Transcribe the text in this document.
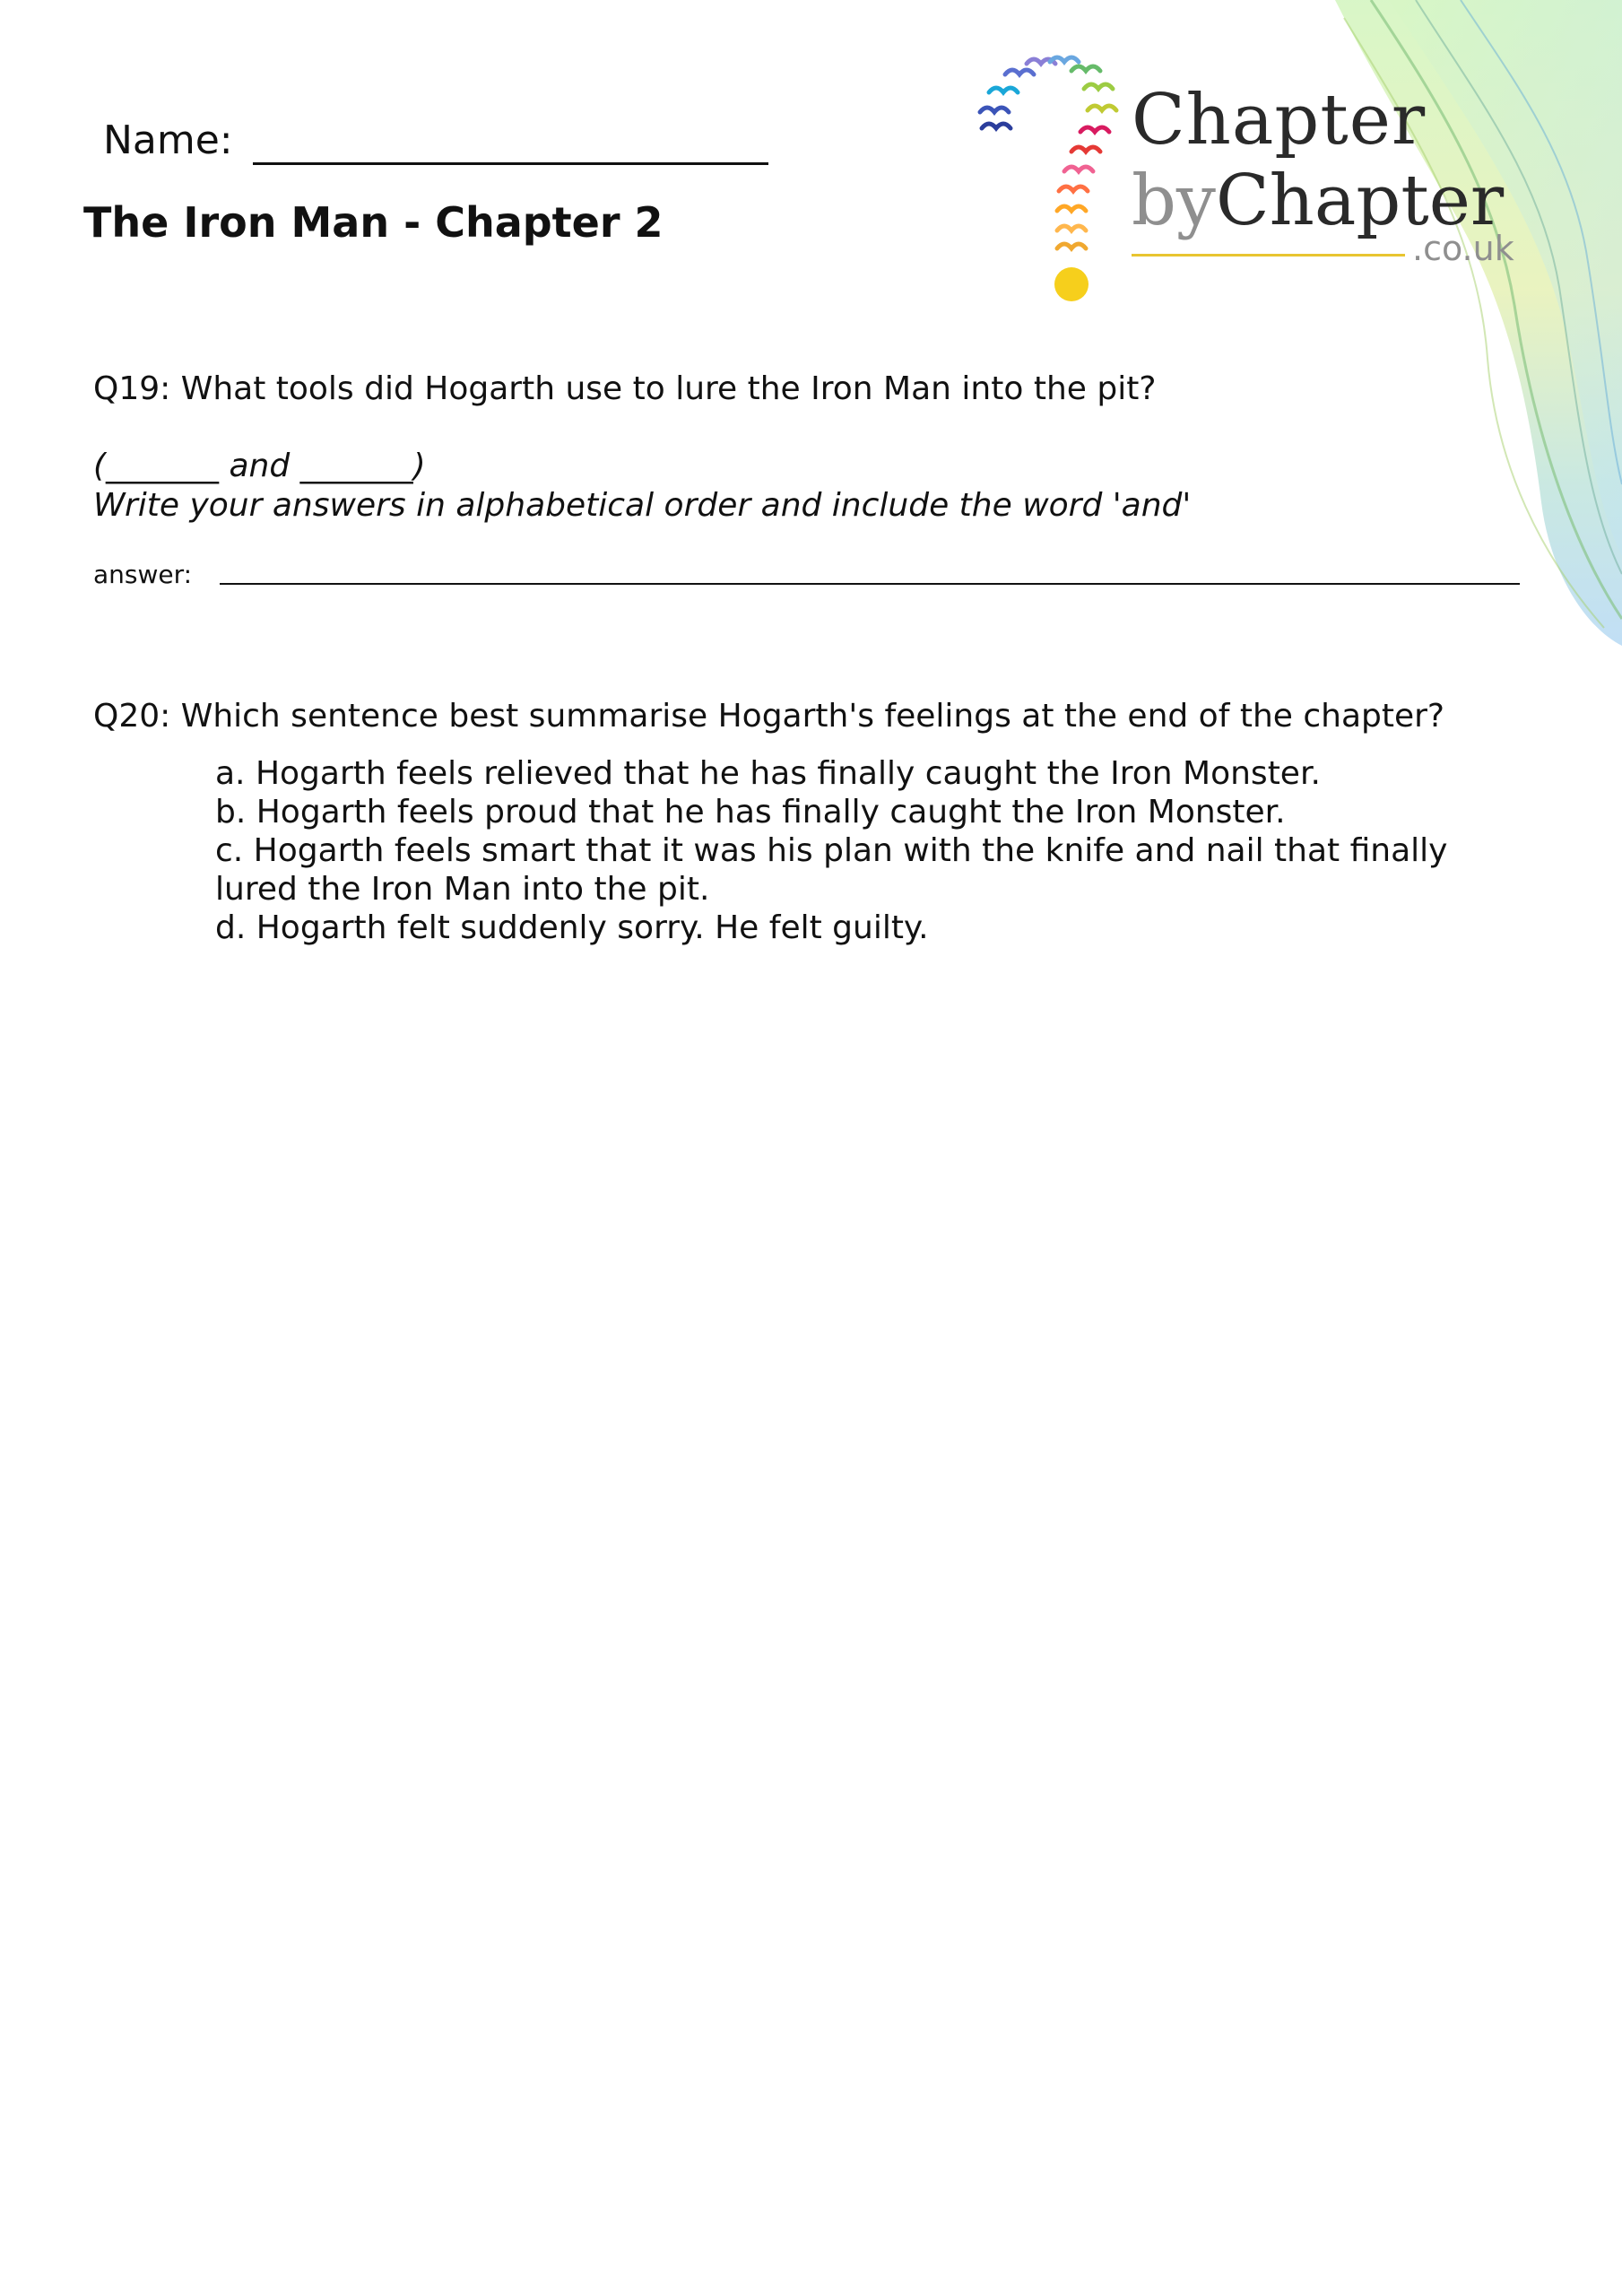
Chapter
byChapter
.co.uk
Name:
The Iron Man - Chapter 2
Q19: What tools did Hogarth use to lure the Iron Man into the pit?
(_______ and _______)
Write your answers in alphabetical order and include the word 'and'
answer:
Q20: Which sentence best summarise Hogarth's feelings at the end of the chapter?
a. Hogarth feels relieved that he has finally caught the Iron Monster.
b. Hogarth feels proud that he has finally caught the Iron Monster.
c. Hogarth feels smart that it was his plan with the knife and nail that finally lured the Iron Man into the pit.
d. Hogarth felt suddenly sorry. He felt guilty.
